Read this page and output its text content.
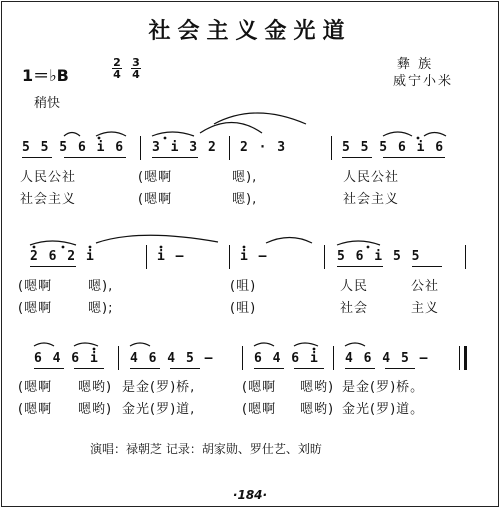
社会主义金光道
1＝♭B
2
4
3
4
彝 族
威宁小米
稍快
5 5 5 6 i 6 3 i 3 2 2 · 3	5 5 5 6 i 6
人民公社	(嗯啊	嗯),	人民公社
社会主义	(嗯啊	嗯),	社会主义
2 6 2 i	i –	i –	5 6 i 5 5
(嗯啊	嗯),	(咀)	人民	公社
(嗯啊	嗯);	(咀)	社会	主义
6 4 6 i 4 6 4 5 –	6 4 6 i 4 6 4 5 –
(嗯啊 嗯哟) 是金(罗)桥,	(嗯啊 嗯哟) 是金(罗)桥。
(嗯啊 嗯哟) 金光(罗)道,	(嗯啊 嗯哟) 金光(罗)道。
演唱：禄朝芝 记录：胡家勋、罗仕艺、刘昉
·184·
